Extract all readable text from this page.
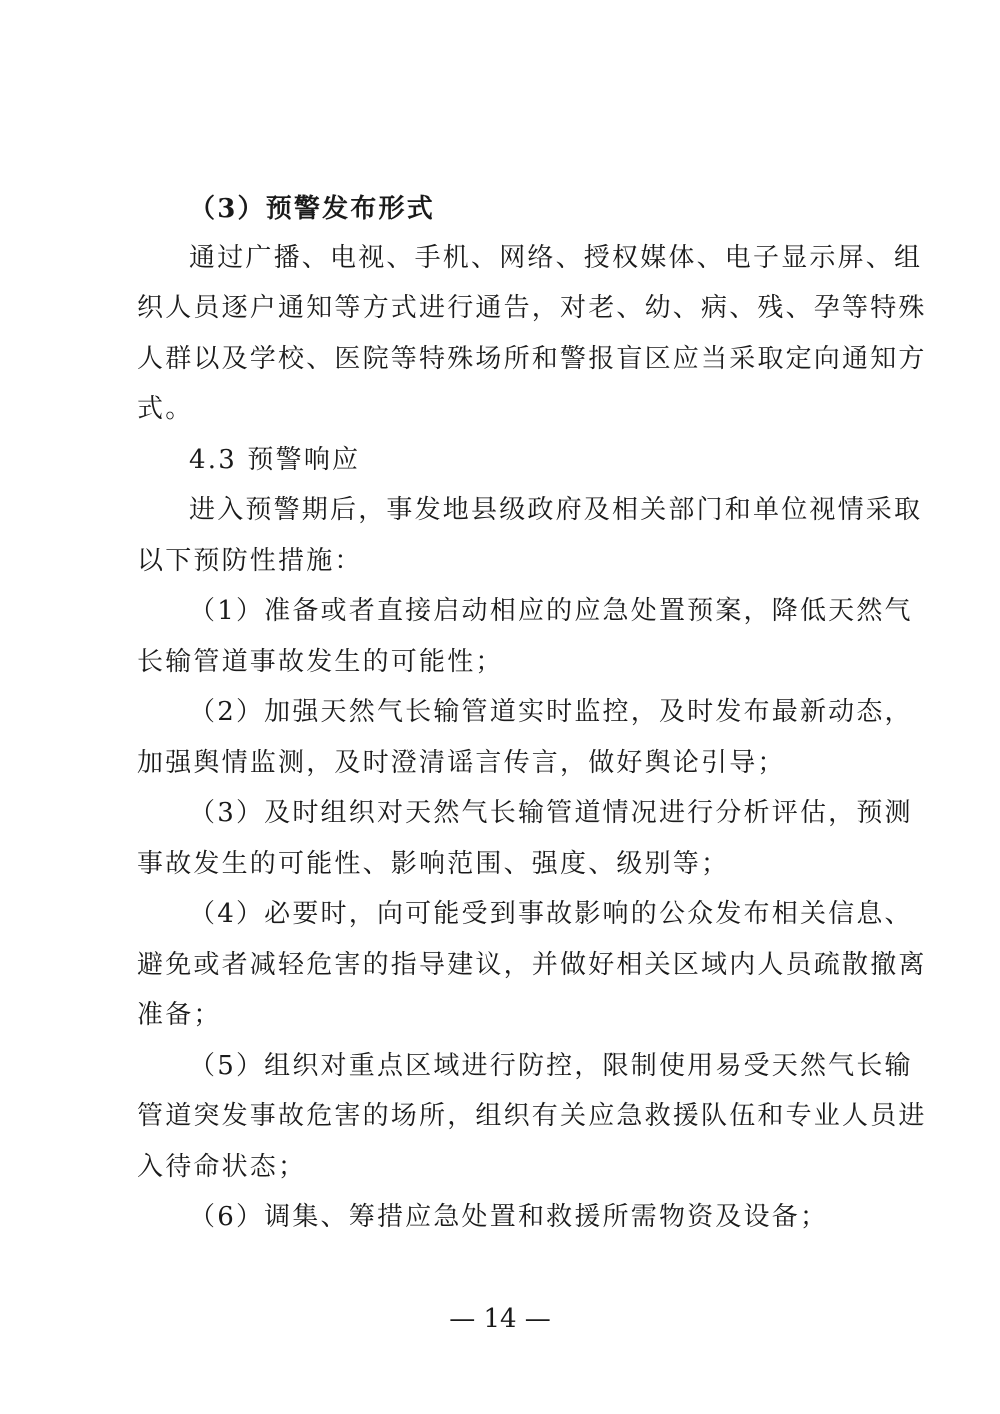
（3）预警发布形式
通过广播、电视、手机、网络、授权媒体、电子显示屏、组
织人员逐户通知等方式进行通告，对老、幼、病、残、孕等特殊
人群以及学校、医院等特殊场所和警报盲区应当采取定向通知方
式。
4.3 预警响应
进入预警期后，事发地县级政府及相关部门和单位视情采取
以下预防性措施：
（1）准备或者直接启动相应的应急处置预案，降低天然气
长输管道事故发生的可能性；
（2）加强天然气长输管道实时监控，及时发布最新动态，
加强舆情监测，及时澄清谣言传言，做好舆论引导；
（3）及时组织对天然气长输管道情况进行分析评估，预测
事故发生的可能性、影响范围、强度、级别等；
（4）必要时，向可能受到事故影响的公众发布相关信息、
避免或者减轻危害的指导建议，并做好相关区域内人员疏散撤离
准备；
（5）组织对重点区域进行防控，限制使用易受天然气长输
管道突发事故危害的场所，组织有关应急救援队伍和专业人员进
入待命状态；
（6）调集、筹措应急处置和救援所需物资及设备；
— 14 —
